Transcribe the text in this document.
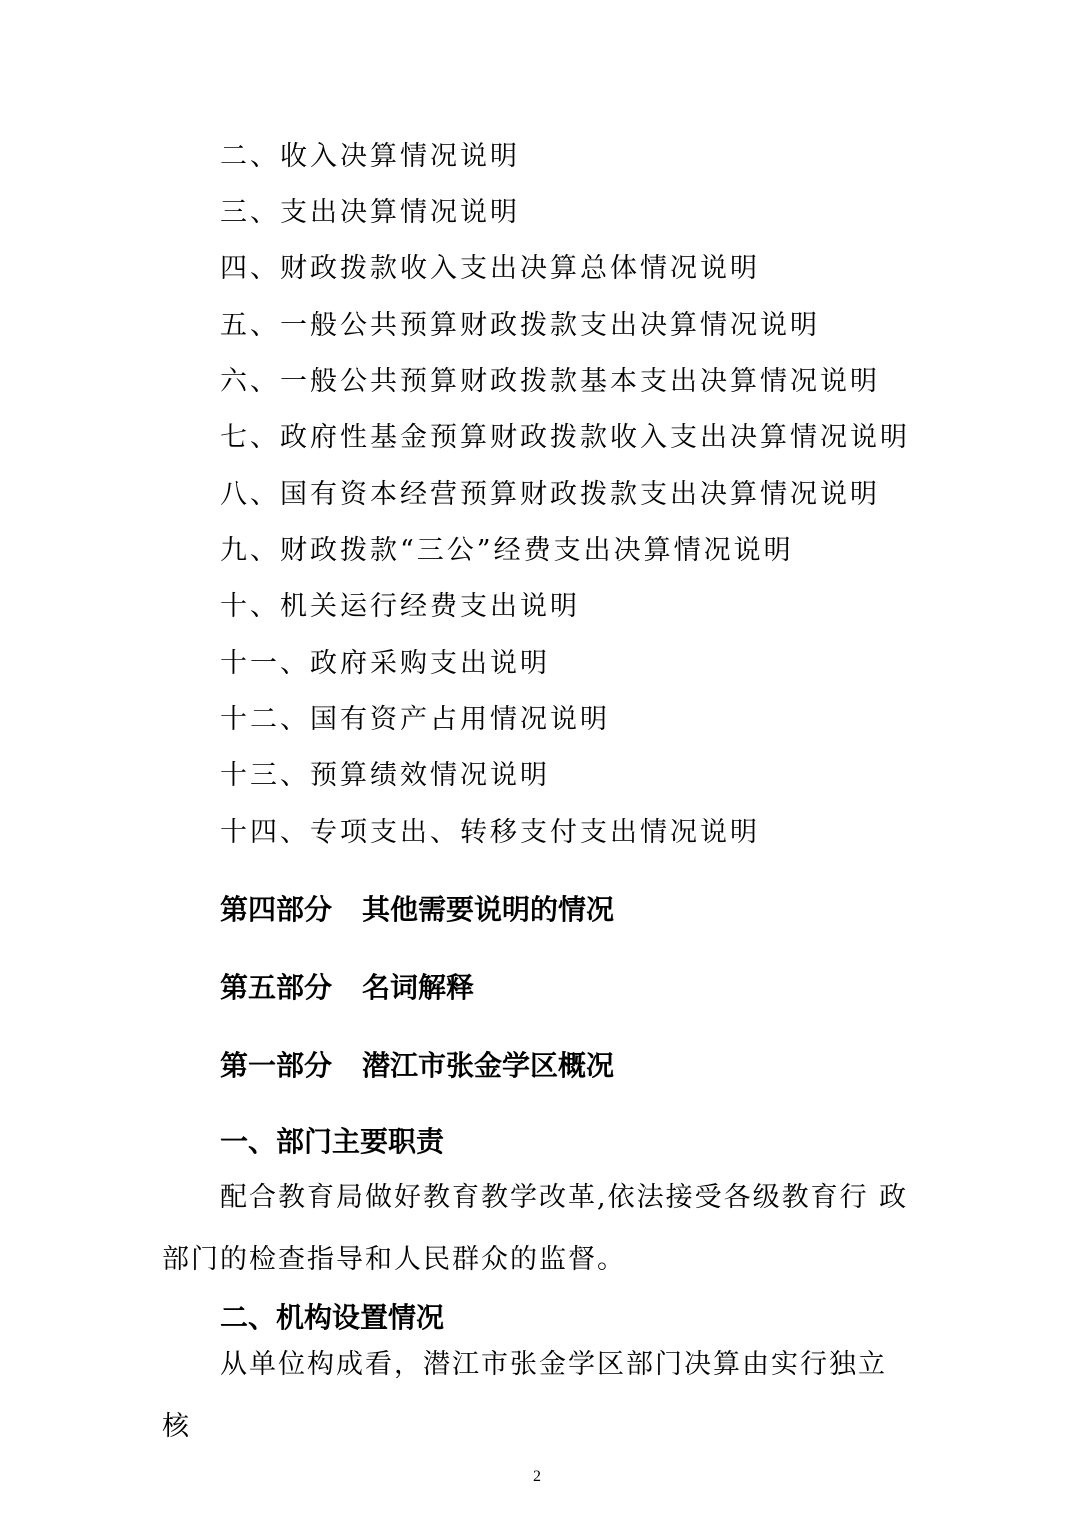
二、收入决算情况说明
三、支出决算情况说明
四、财政拨款收入支出决算总体情况说明
五、一般公共预算财政拨款支出决算情况说明
六、一般公共预算财政拨款基本支出决算情况说明
七、政府性基金预算财政拨款收入支出决算情况说明
八、国有资本经营预算财政拨款支出决算情况说明
九、财政拨款“三公”经费支出决算情况说明
十、机关运行经费支出说明
十一、政府采购支出说明
十二、国有资产占用情况说明
十三、预算绩效情况说明
十四、专项支出、转移支付支出情况说明
第四部分 其他需要说明的情况
第五部分 名词解释
第一部分 潜江市张金学区概况
一、部门主要职责
配合教育局做好教育教学改革,依法接受各级教育行 政部门的检查指导和人民群众的监督。
二、机构设置情况
从单位构成看，潜江市张金学区部门决算由实行独立核
2
